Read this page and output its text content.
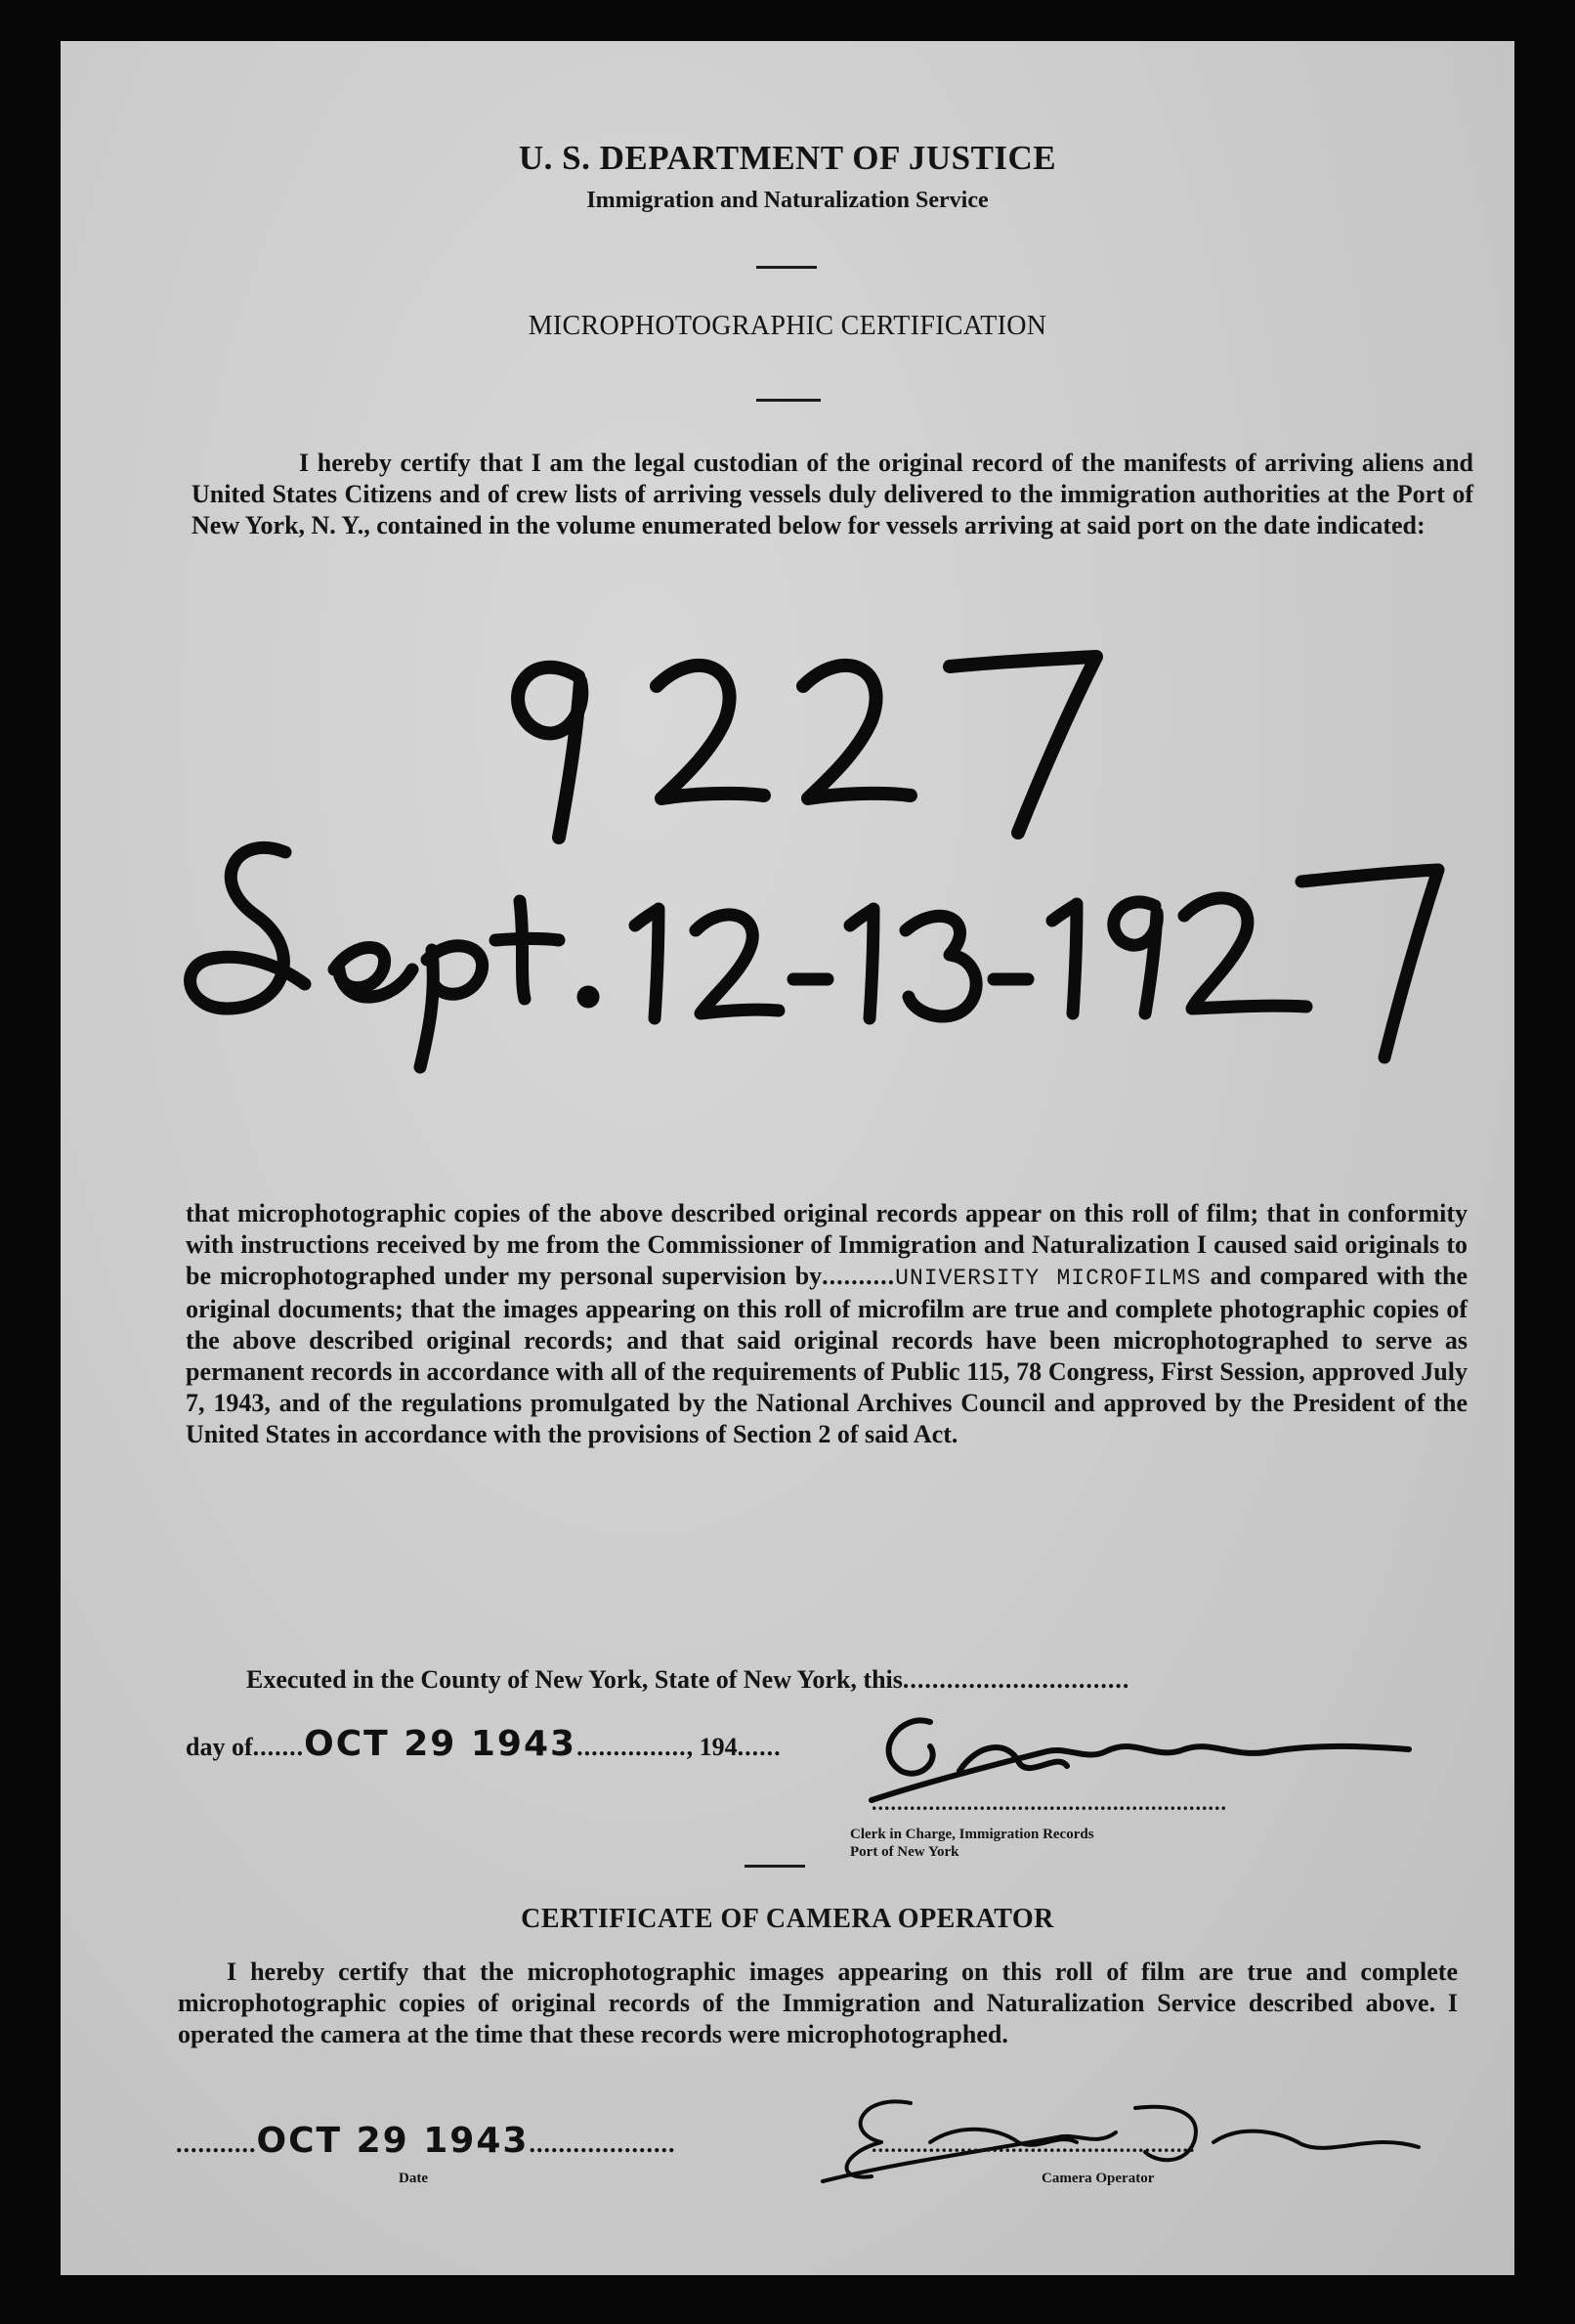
U. S. DEPARTMENT OF JUSTICE
Immigration and Naturalization Service
MICROPHOTOGRAPHIC CERTIFICATION
I hereby certify that I am the legal custodian of the original record of the manifests of arriving aliens and United States Citizens and of crew lists of arriving vessels duly delivered to the immigration authorities at the Port of New York, N. Y., contained in the volume enumerated below for vessels arriving at said port on the date indicated:
that microphotographic copies of the above described original records appear on this roll of film; that in conformity with instructions received by me from the Commissioner of Immigration and Naturalization I caused said originals to be microphotographed under my personal supervision by..........UNIVERSITY MICROFILMS and compared with the original documents; that the images appearing on this roll of microfilm are true and complete photographic copies of the above described original records; and that said original records have been microphotographed to serve as permanent records in accordance with all of the requirements of Public 115, 78 Congress, First Session, approved July 7, 1943, and of the regulations promulgated by the National Archives Council and approved by the President of the United States in accordance with the provisions of Section 2 of said Act.
Executed in the County of New York, State of New York, this...............................
day of.......OCT 29 1943..............., 194......
........................................................
Clerk in Charge, Immigration Records
Port of New York
CERTIFICATE OF CAMERA OPERATOR
I hereby certify that the microphotographic images appearing on this roll of film are true and complete microphotographic copies of original records of the Immigration and Naturalization Service described above. I operated the camera at the time that these records were microphotographed.
...........OCT 29 1943....................
Date
...................................................
Camera Operator
